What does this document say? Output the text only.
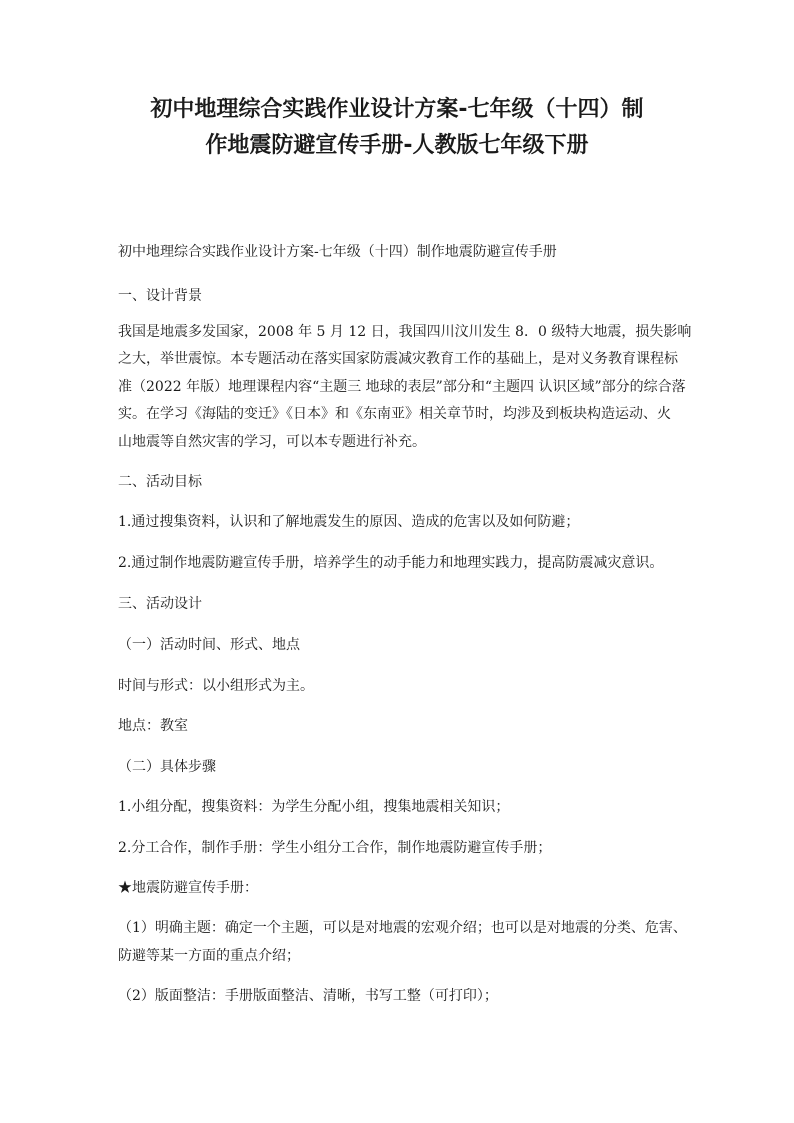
初中地理综合实践作业设计方案-七年级（十四）制
作地震防避宣传手册-人教版七年级下册

初中地理综合实践作业设计方案-七年级（十四）制作地震防避宣传手册

一、设计背景

我国是地震多发国家，2008 年 5 月 12 日，我国四川汶川发生 8．0 级特大地震，损失影响

之大，举世震惊。本专题活动在落实国家防震减灾教育工作的基础上，是对义务教育课程标

准（2022 年版）地理课程内容“主题三 地球的表层”部分和“主题四 认识区域”部分的综合落

实。在学习《海陆的变迁》《日本》和《东南亚》相关章节时，均涉及到板块构造运动、火

山地震等自然灾害的学习，可以本专题进行补充。

二、活动目标

1.通过搜集资料，认识和了解地震发生的原因、造成的危害以及如何防避；

2.通过制作地震防避宣传手册，培养学生的动手能力和地理实践力，提高防震减灾意识。

三、活动设计

（一）活动时间、形式、地点

时间与形式：以小组形式为主。

地点：教室

（二）具体步骤

1.小组分配，搜集资料：为学生分配小组，搜集地震相关知识；

2.分工合作，制作手册：学生小组分工合作，制作地震防避宣传手册；

★地震防避宣传手册：

（1）明确主题：确定一个主题，可以是对地震的宏观介绍；也可以是对地震的分类、危害、

防避等某一方面的重点介绍；

（2）版面整洁：手册版面整洁、清晰，书写工整（可打印）；
